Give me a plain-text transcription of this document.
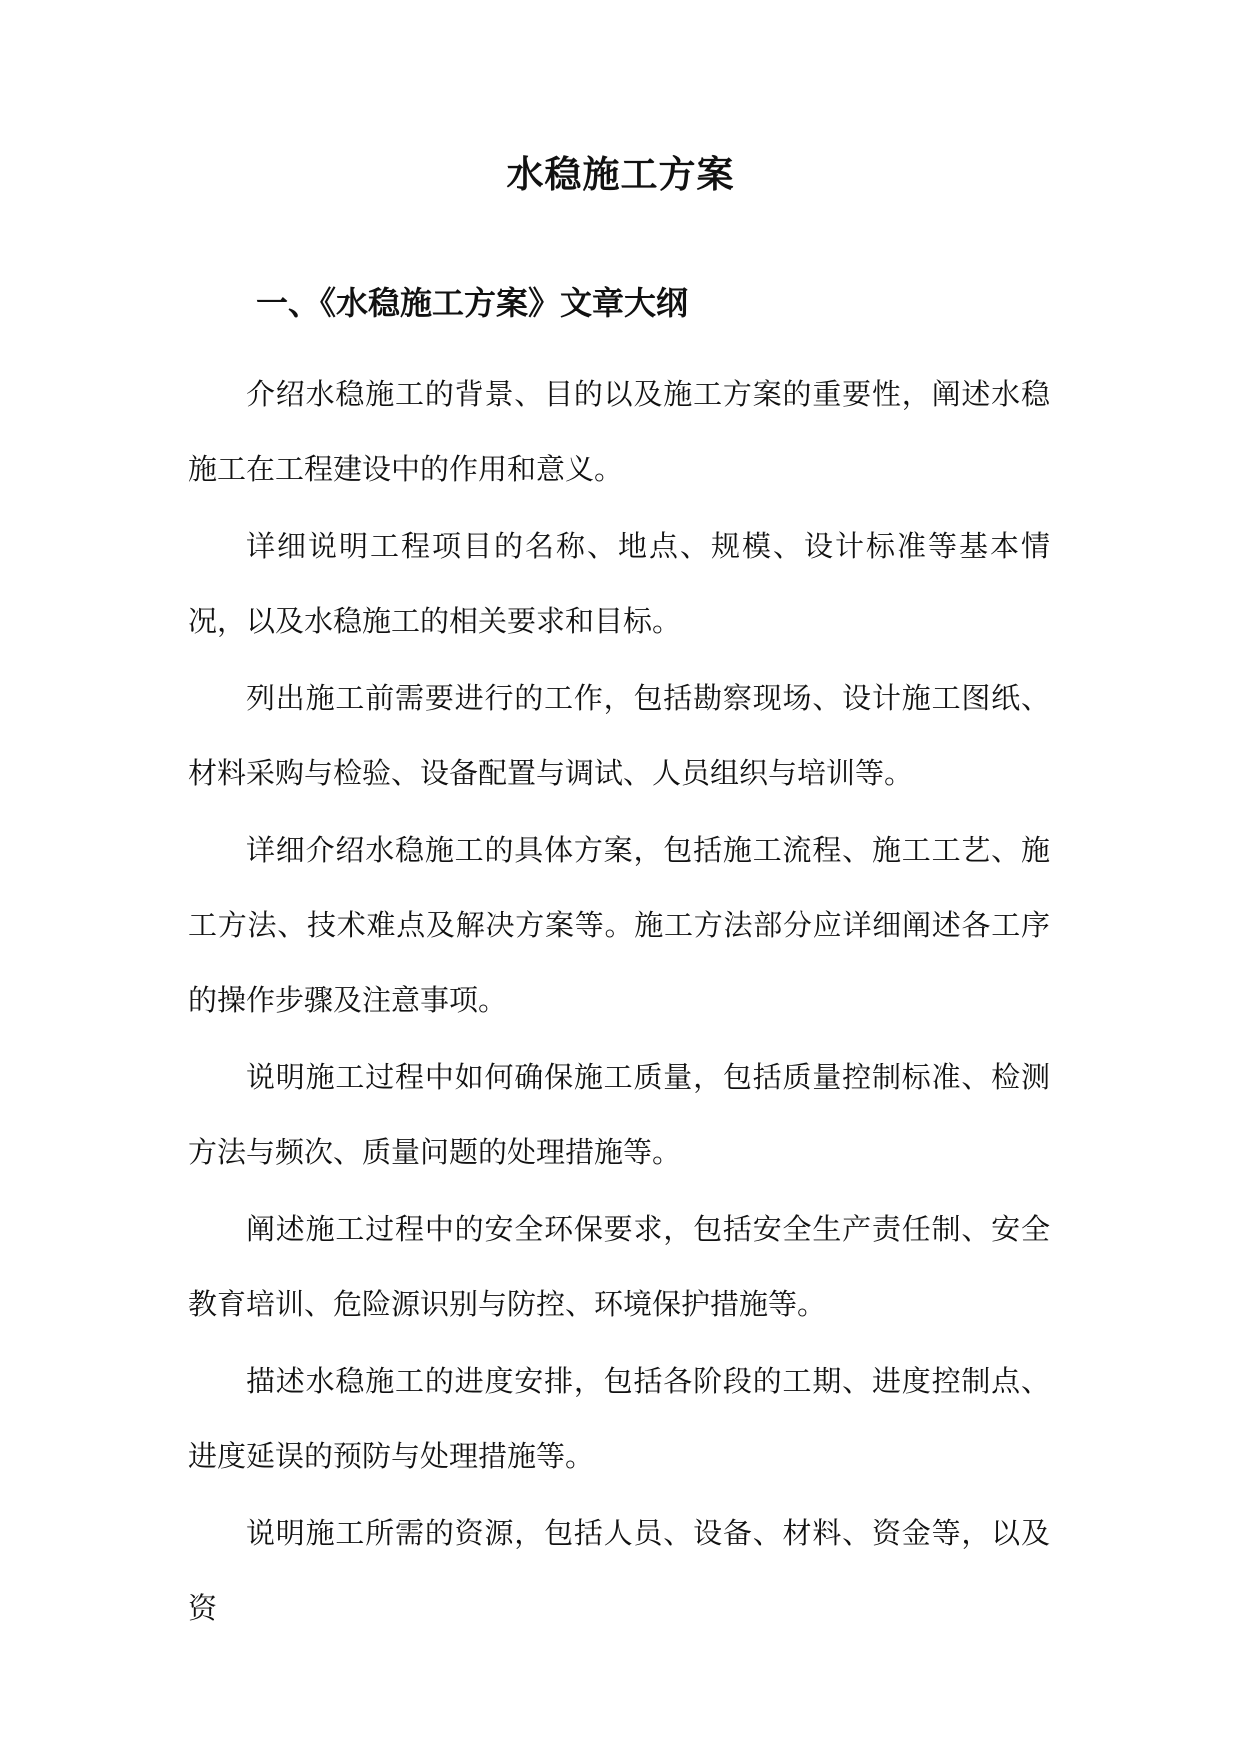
水稳施工方案
一、《水稳施工方案》文章大纲

介绍水稳施工的背景、目的以及施工方案的重要性，阐述水稳施工在工程建设中的作用和意义。

详细说明工程项目的名称、地点、规模、设计标准等基本情况，以及水稳施工的相关要求和目标。

列出施工前需要进行的工作，包括勘察现场、设计施工图纸、材料采购与检验、设备配置与调试、人员组织与培训等。

详细介绍水稳施工的具体方案，包括施工流程、施工工艺、施工方法、技术难点及解决方案等。施工方法部分应详细阐述各工序的操作步骤及注意事项。

说明施工过程中如何确保施工质量，包括质量控制标准、检测方法与频次、质量问题的处理措施等。

阐述施工过程中的安全环保要求，包括安全生产责任制、安全教育培训、危险源识别与防控、环境保护措施等。

描述水稳施工的进度安排，包括各阶段的工期、进度控制点、进度延误的预防与处理措施等。

说明施工所需的资源，包括人员、设备、材料、资金等，以及资
